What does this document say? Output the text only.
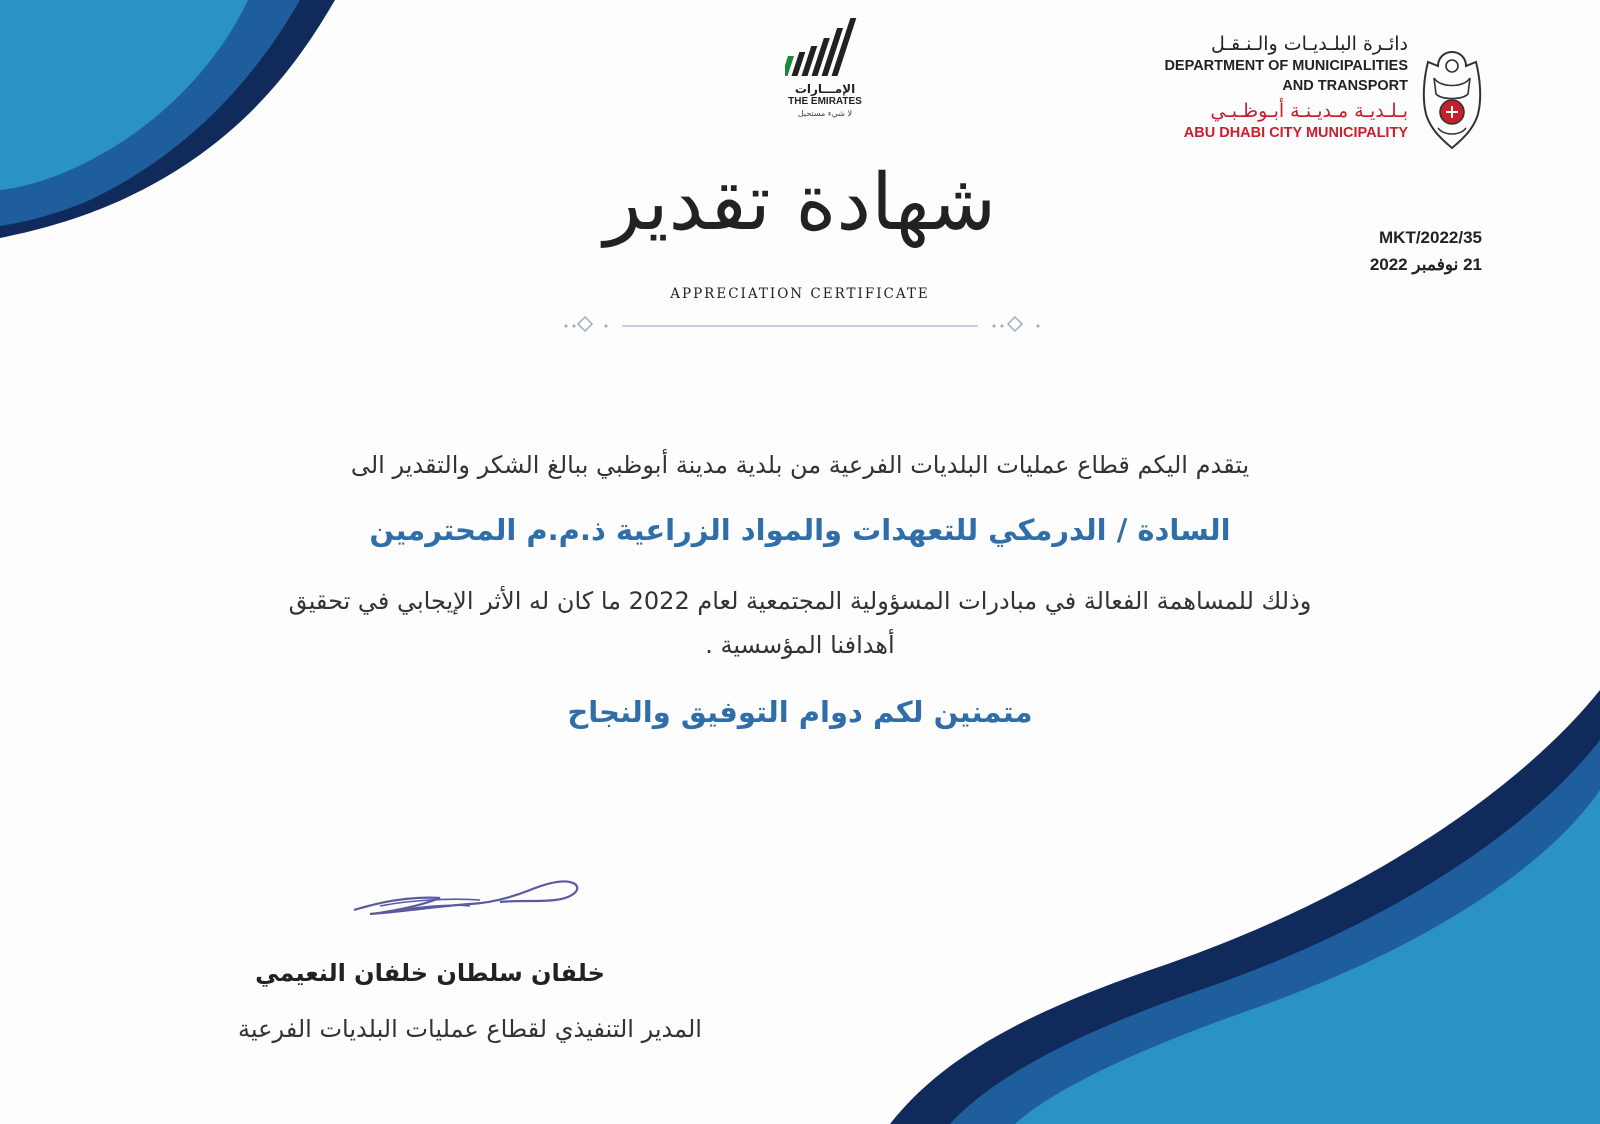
الإمـــارات
THE EMIRATES
لا شيء مستحيل
دائـرة البلـديـات والـنـقـل
DEPARTMENT OF MUNICIPALITIES
AND TRANSPORT
بـلـديـة مـديـنـة أبـوظـبـي
ABU DHABI CITY MUNICIPALITY
MKT/2022/35
21 نوفمبر 2022
شهادة تقدير
APPRECIATION CERTIFICATE
يتقدم اليكم قطاع عمليات البلديات الفرعية من بلدية مدينة أبوظبي ببالغ الشكر والتقدير الى
السادة / الدرمكي للتعهدات والمواد الزراعية ذ.م.م المحترمين
وذلك للمساهمة الفعالة في مبادرات المسؤولية المجتمعية لعام 2022 ما كان له الأثر الإيجابي في تحقيق
أهدافنا المؤسسية .
متمنين لكم دوام التوفيق والنجاح
خلفان سلطان خلفان النعيمي
المدير التنفيذي لقطاع عمليات البلديات الفرعية
